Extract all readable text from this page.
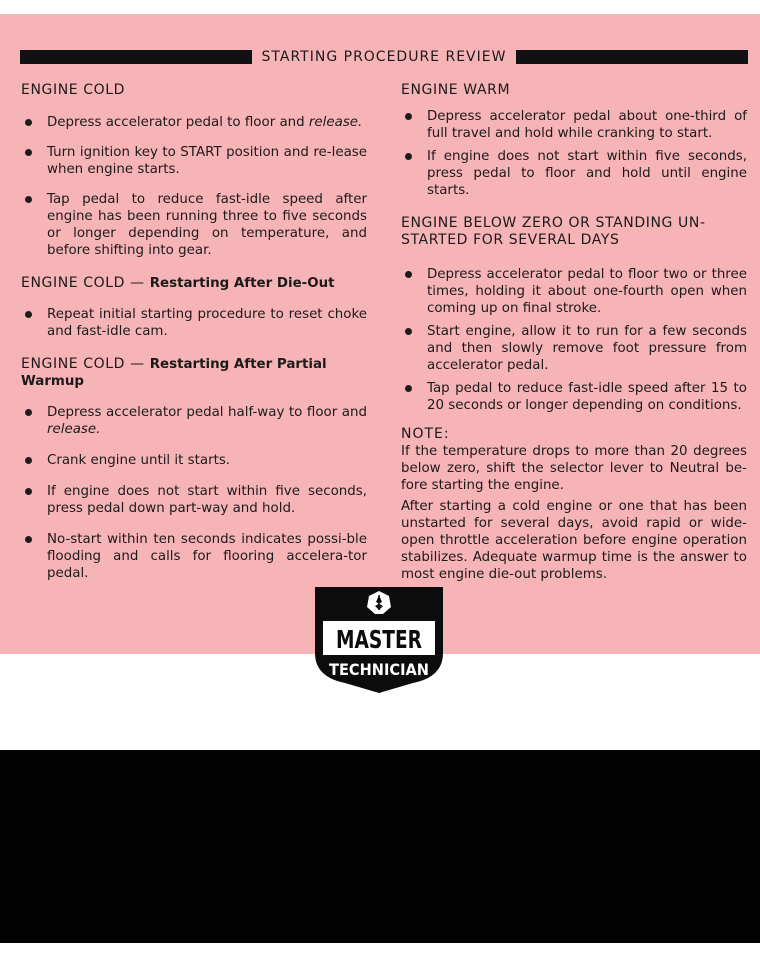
STARTING PROCEDURE REVIEW
ENGINE COLD
Depress accelerator pedal to floor and release.
Turn ignition key to START position and re-lease when engine starts.
Tap pedal to reduce fast-idle speed after engine has been running three to five seconds or longer depending on temperature, and before shifting into gear.
ENGINE COLD — Restarting After Die-Out
Repeat initial starting procedure to reset choke and fast-idle cam.
ENGINE COLD — Restarting After Partial Warmup
Depress accelerator pedal half-way to floor and release.
Crank engine until it starts.
If engine does not start within five seconds, press pedal down part-way and hold.
No-start within ten seconds indicates possi-ble flooding and calls for flooring accelera-tor pedal.
ENGINE WARM
Depress accelerator pedal about one-third of full travel and hold while cranking to start.
If engine does not start within five seconds, press pedal to floor and hold until engine starts.
ENGINE BELOW ZERO OR STANDING UN-STARTED FOR SEVERAL DAYS
Depress accelerator pedal to floor two or three times, holding it about one-fourth open when coming up on final stroke.
Start engine, allow it to run for a few seconds and then slowly remove foot pressure from accelerator pedal.
Tap pedal to reduce fast-idle speed after 15 to 20 seconds or longer depending on conditions.
NOTE:
If the temperature drops to more than 20 degrees below zero, shift the selector lever to Neutral be-fore starting the engine.
After starting a cold engine or one that has been unstarted for several days, avoid rapid or wide-open throttle acceleration before engine operation stabilizes. Adequate warmup time is the answer to most engine die-out problems.
MASTER
TECHNICIAN
